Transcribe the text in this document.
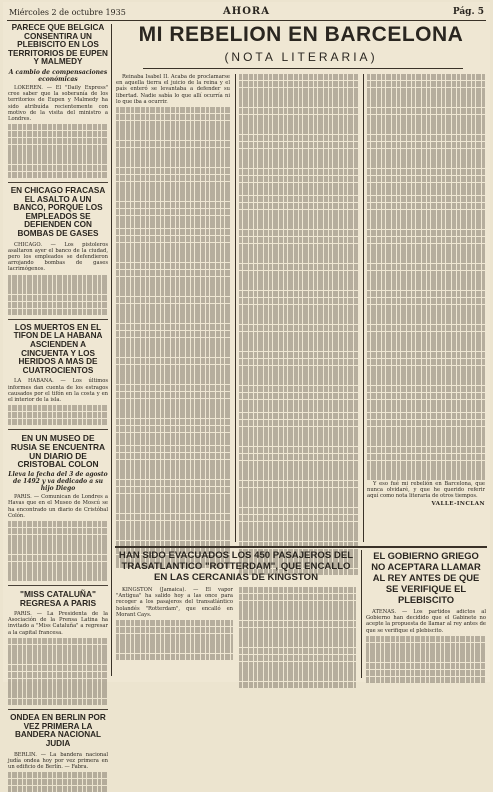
Miércoles 2 de octubre 1935	AHORA	Pág. 5
PARECE QUE BELGICA CONSENTIRA UN PLEBISCITO EN LOS TERRITORIOS DE EUPEN Y MALMEDY
A cambio de compensaciones económicas

LOKEREN. — El "Daily Express" cree saber que la soberanía de los territorios de Eupen y Malmedy ha sido atribuída recientemente con motivo de la visita del ministro a Londres.

EN CHICAGO FRACASA EL ASALTO A UN BANCO, PORQUE LOS EMPLEADOS SE DEFIENDEN CON BOMBAS DE GASES

CHICAGO. — Los pistoleros asaltaron ayer el banco de la ciudad, pero los empleados se defendieron arrojando bombas de gases lacrimógenos.

LOS MUERTOS EN EL TIFON DE LA HABANA ASCIENDEN A CINCUENTA Y LOS HERIDOS A MAS DE CUATROCIENTOS

LA HABANA. — Los últimos informes dan cuenta de los estragos causados por el tifón en la costa y en el interior de la isla.

EN UN MUSEO DE RUSIA SE ENCUENTRA UN DIARIO DE CRISTOBAL COLON
Lleva la fecha del 3 de agosto de 1492 y va dedicado a su hijo Diego

PARIS. — Comunican de Londres a Havas que en el Museo de Moscú se ha encontrado un diario de Cristóbal Colón.

"MISS CATALUÑA" REGRESA A PARIS

PARIS. — La Presidenta de la Asociación de la Prensa Latina ha invitado a "Miss Cataluña" a regresar a la capital francesa.

ONDEA EN BERLIN POR VEZ PRIMERA LA BANDERA NACIONAL JUDIA

BERLIN. — La bandera nacional judía ondea hoy por vez primera en un edificio de Berlín. — Fabra.

MI REBELION EN BARCELONA
(NOTA LITERARIA)

Reinaba Isabel II. Acaba de proclamarse en aquella tierra el juicio de la reina y el país enteró se levantaba a defender su libertad. Nadie sabía lo que allí ocurría ni lo que iba a ocurrir.

Y eso fué mi rebelión en Barcelona, que nunca olvidaré, y que he querido referir aquí como nota literaria de otros tiempos.

VALLE-INCLAN
HAN SIDO EVACUADOS LOS 450 PASAJEROS DEL TRASATLANTICO "ROTTERDAM", QUE ENCALLO EN LAS CERCANIAS DE KINGSTON

KINGSTON (Jamaica). — El vapor "Antigua" ha salido hoy a las once para recoger a los pasajeros del transatlántico holandés "Rotterdam", que encalló en Morant Cays.

EL GOBIERNO GRIEGO NO ACEPTARA LLAMAR AL REY ANTES DE QUE SE VERIFIQUE EL PLEBISCITO

ATENAS. — Los partidos adictos al Gobierno han decidido que el Gabinete no acepte la propuesta de llamar al rey antes de que se verifique el plebiscito.
